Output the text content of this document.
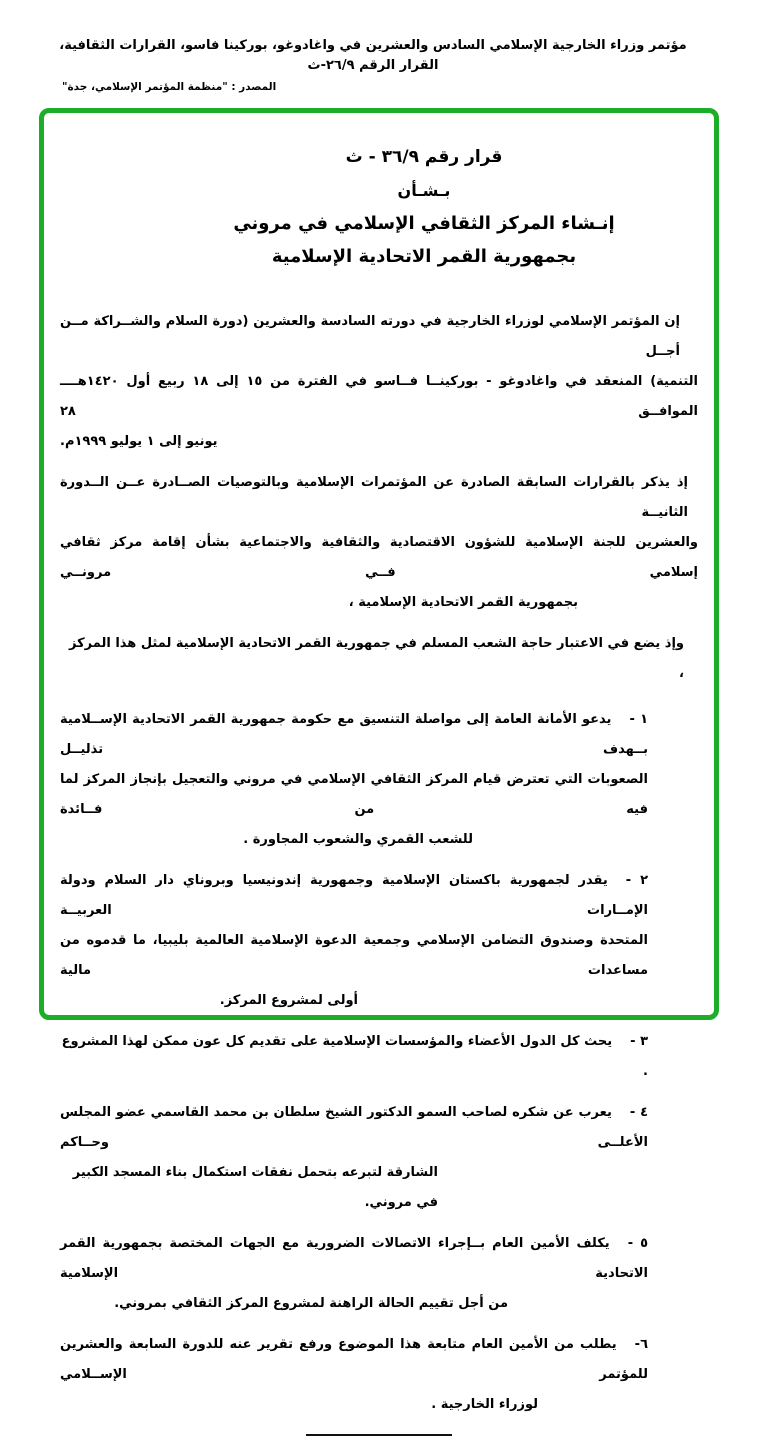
مؤتمر وزراء الخارجية الإسلامي السادس والعشرين في واغادوغو، بوركينا فاسو، القرارات الثقافية، القرار الرقم ٢٦/٩-ث
المصدر : "منظمة المؤتمر الإسلامي، جدة"
قرار رقم ٣٦/٩ - ث
بـشـأن
إنـشاء المركز الثقافي الإسلامي في مروني
بجمهورية القمر الاتحادية الإسلامية
إن المؤتمر الإسلامي لوزراء الخارجية في دورته السادسة والعشرين (دورة السلام والشــراكة مــن أجــل
التنمية) المنعقد في واغادوغو - بوركينــا فــاسو في الفترة من ١٥ إلى ١٨ ربيع أول ١٤٢٠هــــ الموافــق ٢٨
يونيو إلى ١ يوليو ١٩٩٩م.
إذ يذكر بالقرارات السابقة الصادرة عن المؤتمرات الإسلامية وبالتوصيات الصــادرة عــن الــدورة الثانيــة
والعشرين للجنة الإسلامية للشؤون الاقتصادية والثقافية والاجتماعية بشأن إقامة مركز ثقافي إسلامي فــي مرونــي
بجمهورية القمر الاتحادية الإسلامية ،
وإذ يضع في الاعتبار حاجة الشعب المسلم في جمهورية القمر الاتحادية الإسلامية لمثل هذا المركز ،
١ -يدعو الأمانة العامة إلى مواصلة التنسيق مع حكومة جمهورية القمر الاتحادية الإســلامية بــهدف تذليــل
الصعوبات التي تعترض قيام المركز الثقافي الإسلامي في مروني والتعجيل بإنجاز المركز لما فيه من فــائدة
للشعب القمري والشعوب المجاورة .
٢ -يقدر لجمهورية باكستان الإسلامية وجمهورية إندونيسيا وبروناي دار السلام ودولة الإمــارات العربيــة
المتحدة وصندوق التضامن الإسلامي وجمعية الدعوة الإسلامية العالمية بليبيا، ما قدموه من مساعدات مالية
أولى لمشروع المركز.
٣ -يحث كل الدول الأعضاء والمؤسسات الإسلامية على تقديم كل عون ممكن لهذا المشروع .
٤ -يعرب عن شكره لصاحب السمو الدكتور الشيخ سلطان بن محمد القاسمي عضو المجلس الأعلــى وحــاكم
الشارقة لتبرعه بتحمل نفقات استكمال بناء المسجد الكبير في مروني.
٥ -يكلف الأمين العام بــإجراء الاتصالات الضرورية مع الجهات المختصة بجمهورية القمر الاتحادية الإسلامية
من أجل تقييم الحالة الراهنة لمشروع المركز الثقافي بمروني.
٦-يطلب من الأمين العام متابعة هذا الموضوع ورفع تقرير عنه للدورة السابعة والعشرين للمؤتمر الإســلامي
لوزراء الخارجية .
